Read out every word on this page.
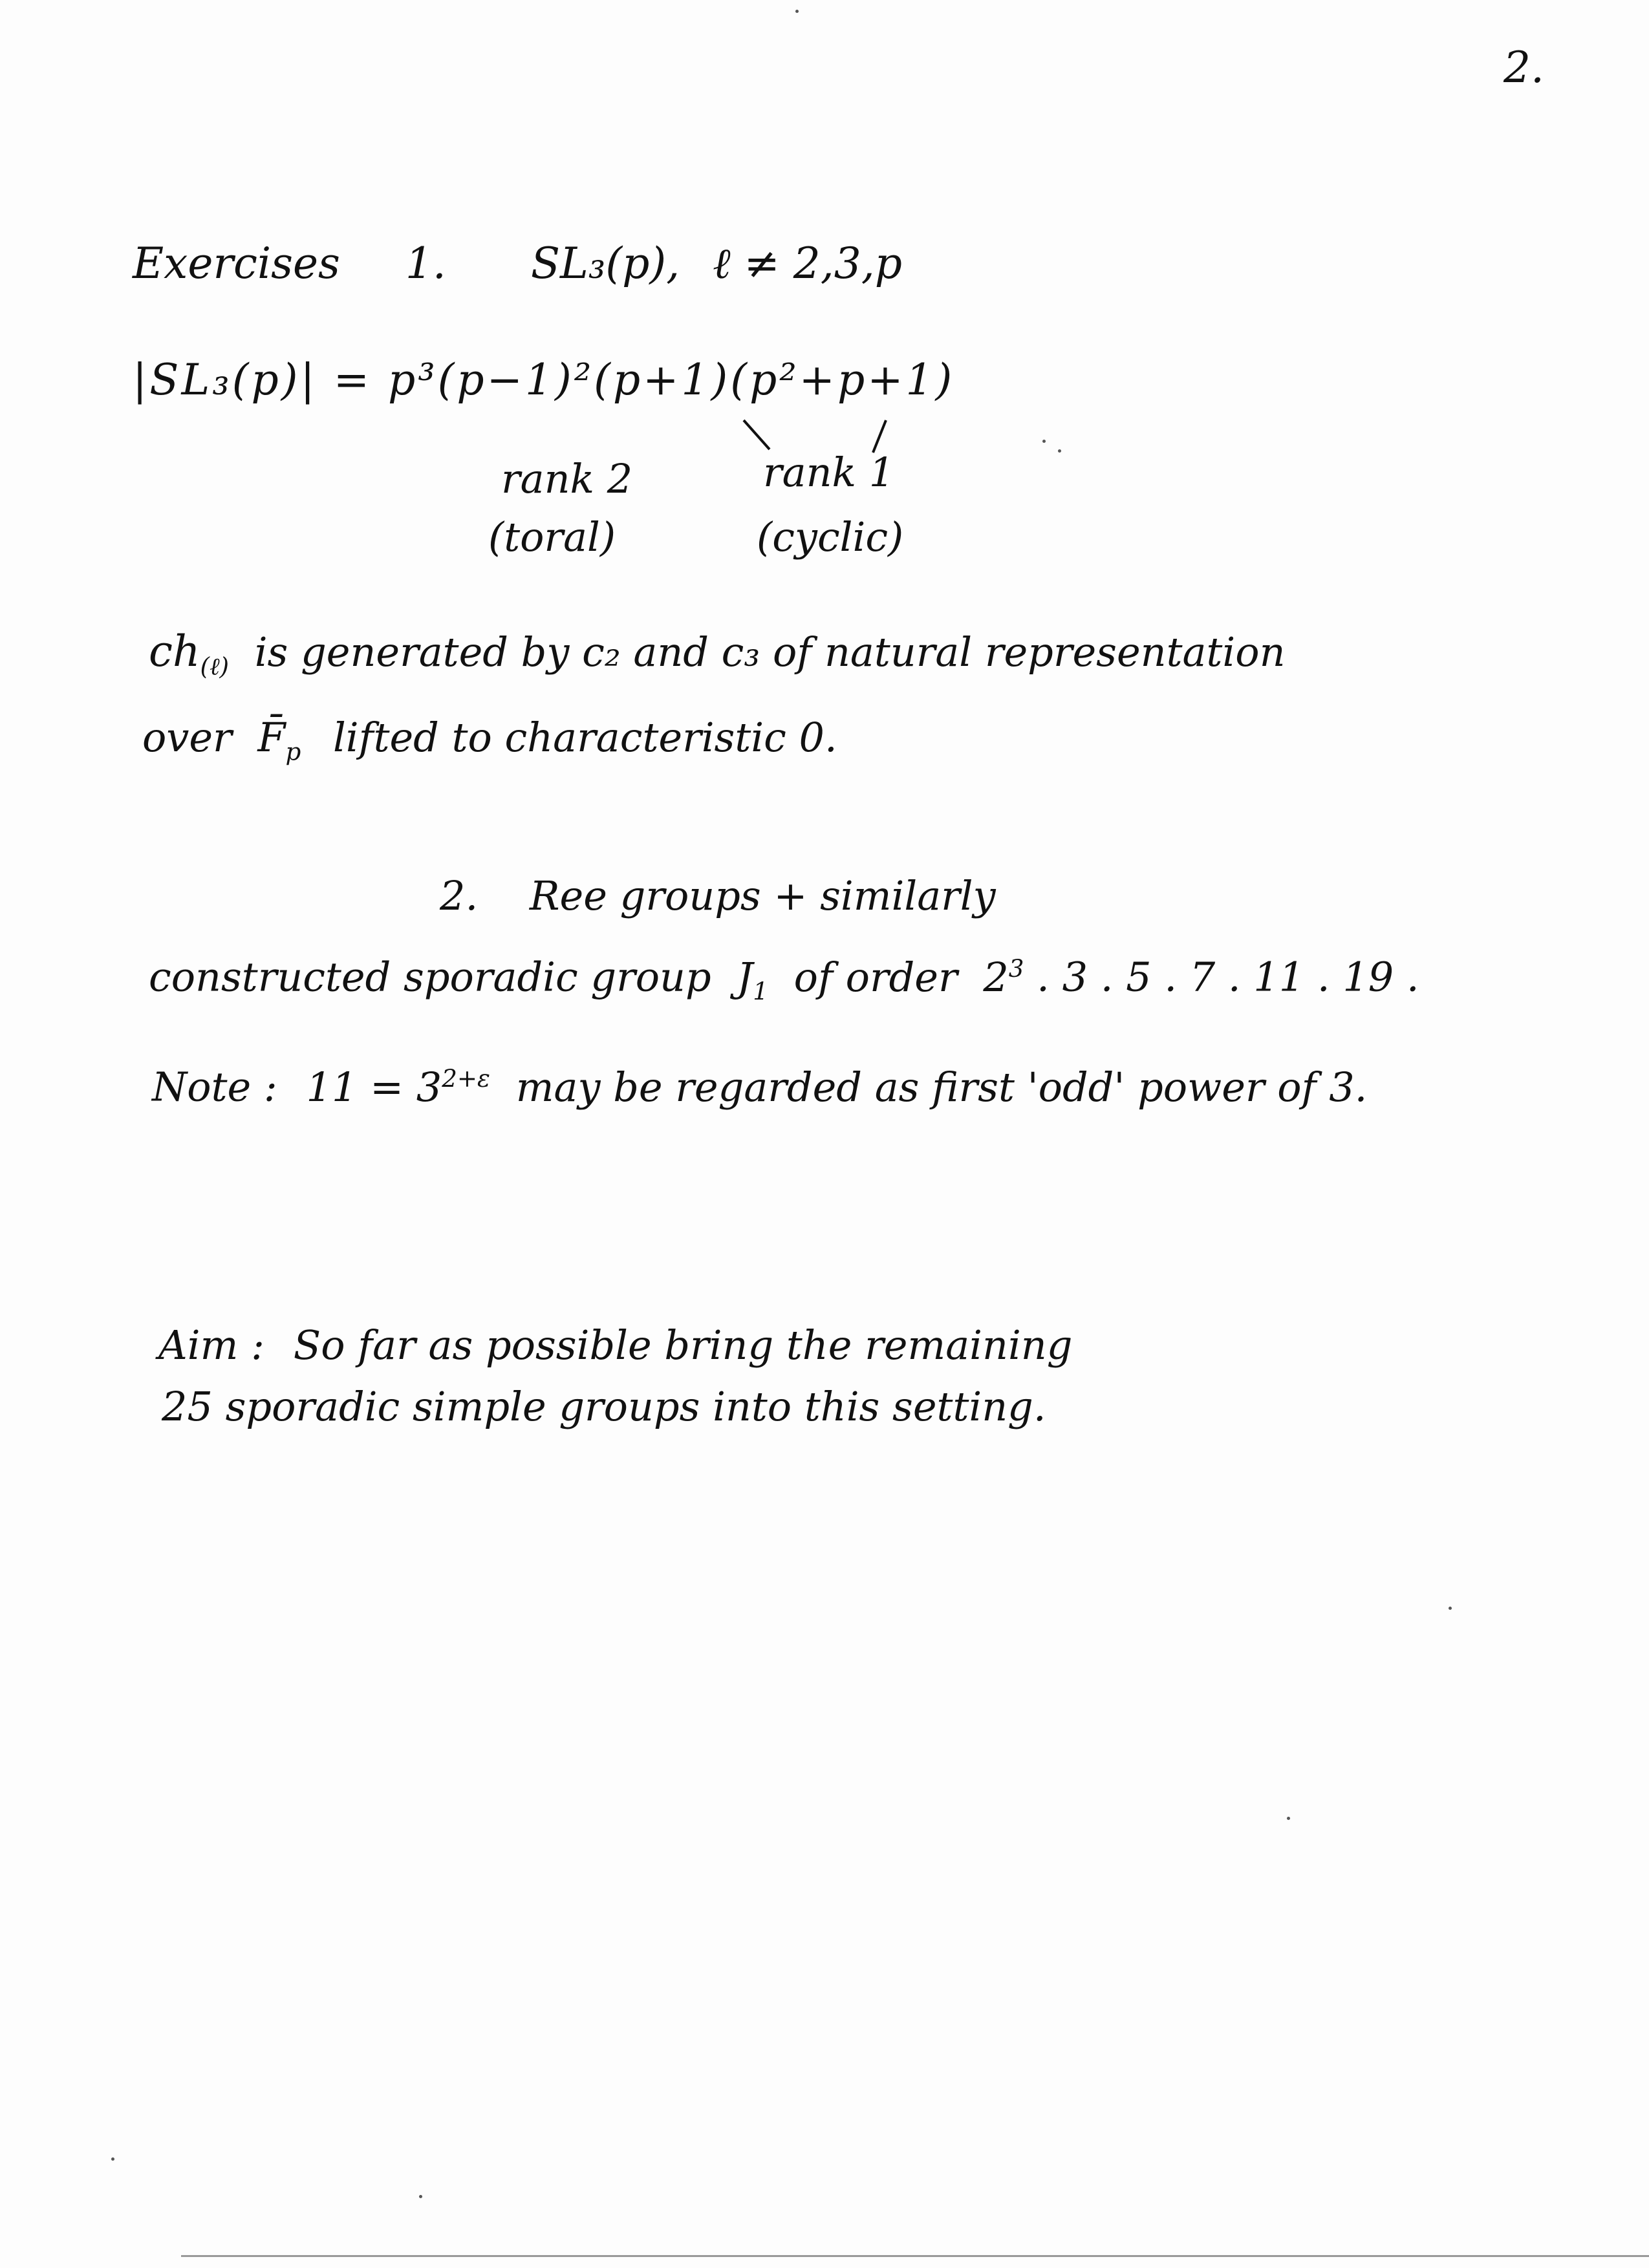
2.
Exercises 1. SL₃(p), ℓ ≠ 2,3,p
|SL₃(p)| = p³(p−1)²(p+1)(p²+p+1)
rank 2
(toral)
rank 1
(cyclic)
$ch_{(\ell)}$ is generated by c₂ and c₃ of natural representation
over $F̄_p$ lifted to characteristic 0.
2. Ree groups + similarly
constructed sporadic group $J_1$ of order $2^3$ . 3 . 5 . 7 . 11 . 19 .
Note : $11 = 3^{2+\varepsilon}$ may be regarded as first 'odd' power of 3.
Aim : So far as possible bring the remaining
25 sporadic simple groups into this setting.
